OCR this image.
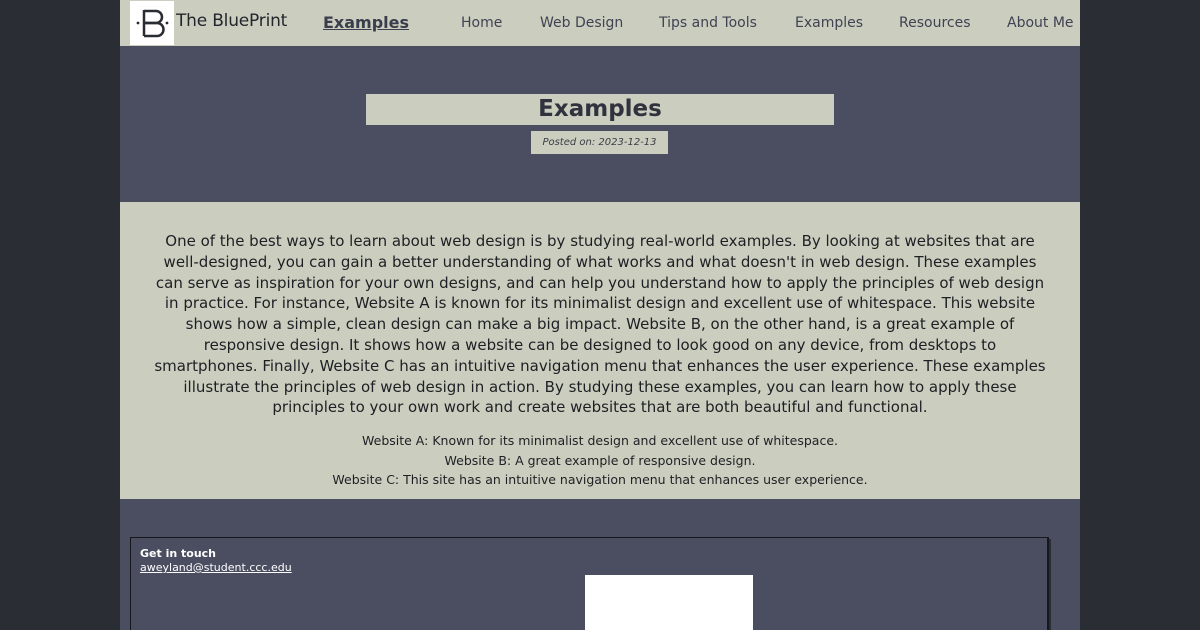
The BluePrint Examples	Home	Web Design	Tips and Tools	Examples	Resources	About Me
Examples
Posted on: 2023-12-13

One of the best ways to learn about web design is by studying real-world examples. By looking at websites that are well-designed, you can gain a better understanding of what works and what doesn't in web design. These examples can serve as inspiration for your own designs, and can help you understand how to apply the principles of web design in practice. For instance, Website A is known for its minimalist design and excellent use of whitespace. This website shows how a simple, clean design can make a big impact. Website B, on the other hand, is a great example of responsive design. It shows how a website can be designed to look good on any device, from desktops to smartphones. Finally, Website C has an intuitive navigation menu that enhances the user experience. These examples illustrate the principles of web design in action. By studying these examples, you can learn how to apply these principles to your own work and create websites that are both beautiful and functional.

Website A: Known for its minimalist design and excellent use of whitespace.
Website B: A great example of responsive design.
Website C: This site has an intuitive navigation menu that enhances user experience.
Get in touch
aweyland@student.ccc.edu
